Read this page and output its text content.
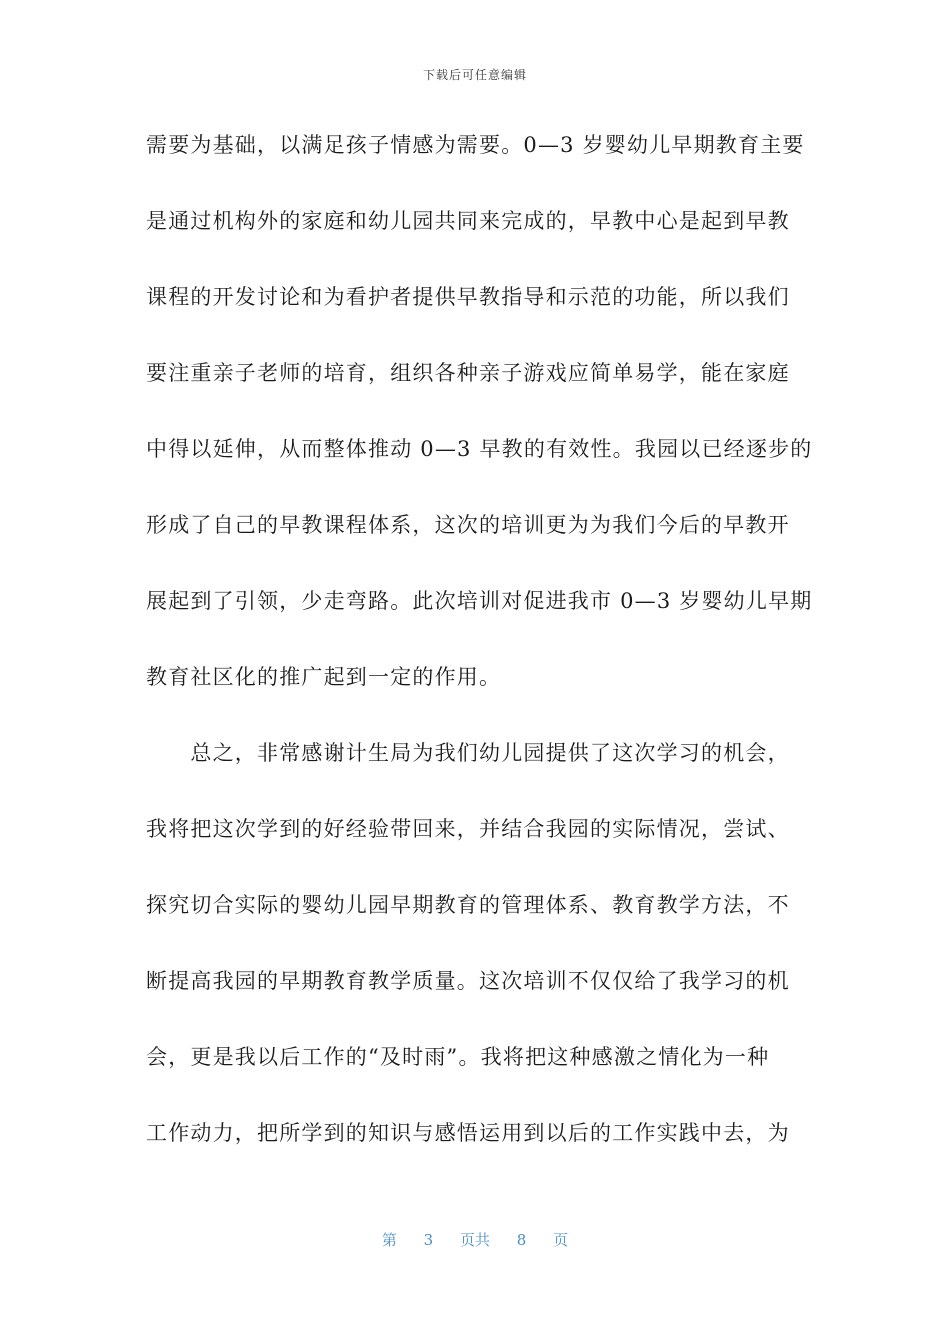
下载后可任意编辑
需要为基础，以满足孩子情感为需要。0—3 岁婴幼儿早期教育主要
是通过机构外的家庭和幼儿园共同来完成的，早教中心是起到早教
课程的开发讨论和为看护者提供早教指导和示范的功能，所以我们
要注重亲子老师的培育，组织各种亲子游戏应简单易学，能在家庭
中得以延伸，从而整体推动 0—3 早教的有效性。我园以已经逐步的
形成了自己的早教课程体系，这次的培训更为为我们今后的早教开
展起到了引领，少走弯路。此次培训对促进我市 0—3 岁婴幼儿早期
教育社区化的推广起到一定的作用。
　　总之，非常感谢计生局为我们幼儿园提供了这次学习的机会，
我将把这次学到的好经验带回来，并结合我园的实际情况，尝试、
探究切合实际的婴幼儿园早期教育的管理体系、教育教学方法，不
断提高我园的早期教育教学质量。这次培训不仅仅给了我学习的机
会，更是我以后工作的“及时雨”。我将把这种感激之情化为一种
工作动力，把所学到的知识与感悟运用到以后的工作实践中去，为
第 3 页共 8 页
